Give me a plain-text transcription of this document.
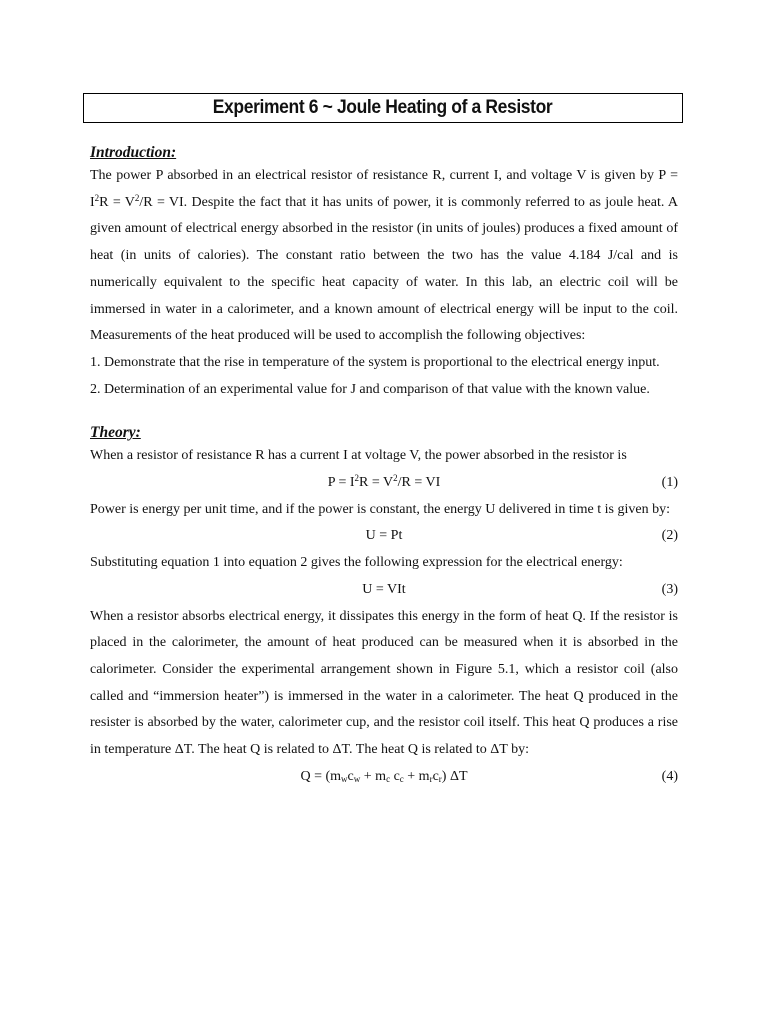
Experiment 6 ~ Joule Heating of a Resistor

Introduction:

The power P absorbed in an electrical resistor of resistance R, current I, and voltage V is given by $P = I^2R = V^2/R$ = VI. Despite the fact that it has units of power, it is commonly referred to as joule heat. A given amount of electrical energy absorbed in the resistor (in units of joules) produces a fixed amount of heat (in units of calories). The constant ratio between the two has the value 4.184 J/cal and is numerically equivalent to the specific heat capacity of water. In this lab, an electric coil will be immersed in water in a calorimeter, and a known amount of electrical energy will be input to the coil. Measurements of the heat produced will be used to accomplish the following objectives:

1. Demonstrate that the rise in temperature of the system is proportional to the electrical energy input.

2. Determination of an experimental value for J and comparison of that value with the known value.

Theory:

When a resistor of resistance R has a current I at voltage V, the power absorbed in the resistor is

$P = I^2R = V^2/R$ = VI	(1)

Power is energy per unit time, and if the power is constant, the energy U delivered in time t is given by:

U = Pt	(2)

Substituting equation 1 into equation 2 gives the following expression for the electrical energy:

U = VIt	(3)

When a resistor absorbs electrical energy, it dissipates this energy in the form of heat Q. If the resistor is placed in the calorimeter, the amount of heat produced can be measured when it is absorbed in the calorimeter. Consider the experimental arrangement shown in Figure 5.1, which a resistor coil (also called and “immersion heater”) is immersed in the water in a calorimeter. The heat Q produced in the resister is absorbed by the water, calorimeter cup, and the resistor coil itself. This heat Q produces a rise in temperature ΔT. The heat Q is related to ΔT. The heat Q is related to ΔT by:

$Q = (m_wc_w + m_c$ $c_c + m_rc_r$) ΔT	(4)
